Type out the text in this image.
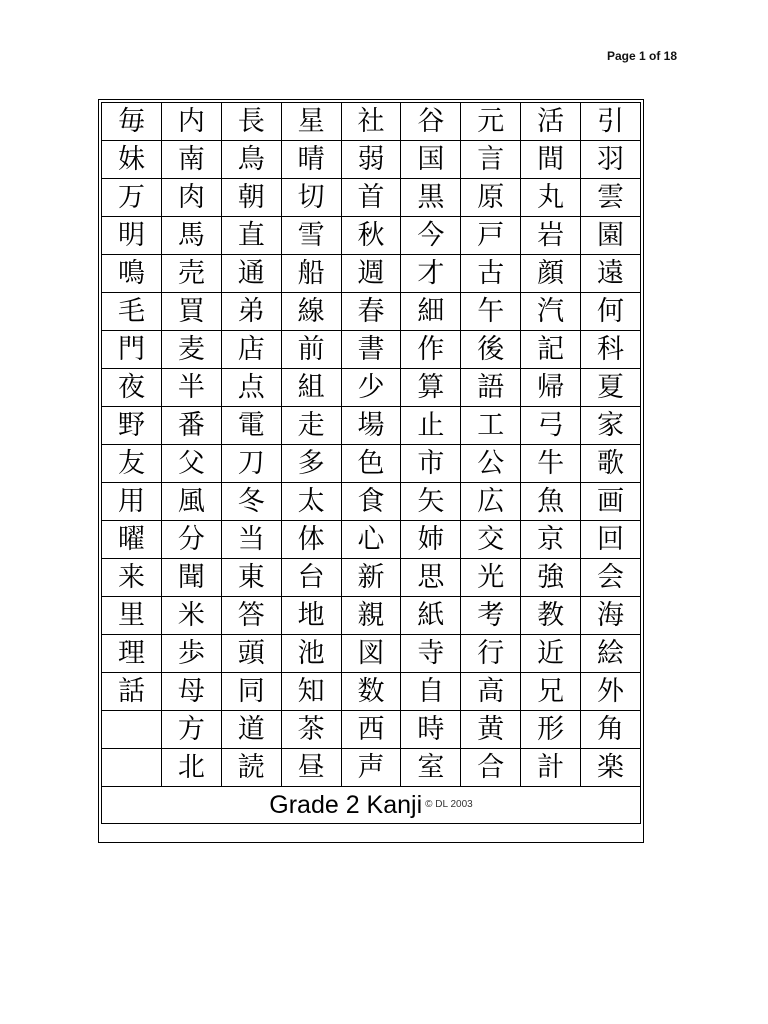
Page 1 of 18
毎	内	長	星	社	谷	元	活	引
妹	南	鳥	晴	弱	国	言	間	羽
万	肉	朝	切	首	黒	原	丸	雲
明	馬	直	雪	秋	今	戸	岩	園
鳴	売	通	船	週	才	古	顔	遠
毛	買	弟	線	春	細	午	汽	何
門	麦	店	前	書	作	後	記	科
夜	半	点	組	少	算	語	帰	夏
野	番	電	走	場	止	工	弓	家
友	父	刀	多	色	市	公	牛	歌
用	風	冬	太	食	矢	広	魚	画
曜	分	当	体	心	姉	交	京	回
来	聞	東	台	新	思	光	強	会
里	米	答	地	親	紙	考	教	海
理	歩	頭	池	図	寺	行	近	絵
話	母	同	知	数	自	高	兄	外
	方	道	茶	西	時	黄	形	角
	北	読	昼	声	室	合	計	楽
Grade 2 Kanji © DL 2003								
